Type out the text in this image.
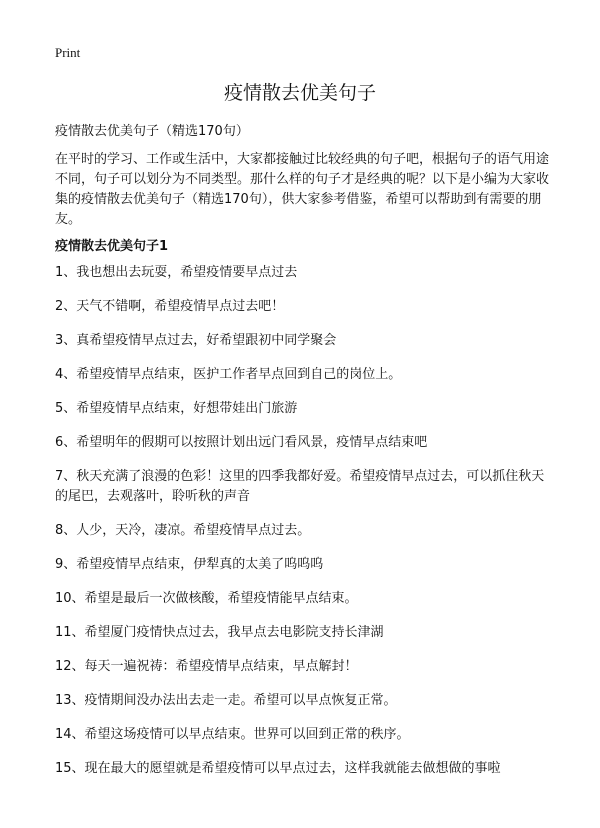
Print
疫情散去优美句子
疫情散去优美句子（精选170句）

在平时的学习、工作或生活中，大家都接触过比较经典的句子吧，根据句子的语气用途不同，句子可以划分为不同类型。那什么样的句子才是经典的呢？以下是小编为大家收集的疫情散去优美句子（精选170句），供大家参考借鉴，希望可以帮助到有需要的朋友。

疫情散去优美句子1
1、我也想出去玩耍，希望疫情要早点过去
2、天气不错啊，希望疫情早点过去吧！
3、真希望疫情早点过去，好希望跟初中同学聚会
4、希望疫情早点结束，医护工作者早点回到自己的岗位上。
5、希望疫情早点结束，好想带娃出门旅游
6、希望明年的假期可以按照计划出远门看风景，疫情早点结束吧
7、秋天充满了浪漫的色彩！这里的四季我都好爱。希望疫情早点过去，可以抓住秋天的尾巴，去观落叶，聆听秋的声音
8、人少，天冷，凄凉。希望疫情早点过去。
9、希望疫情早点结束，伊犁真的太美了呜呜呜
10、希望是最后一次做核酸，希望疫情能早点结束。
11、希望厦门疫情快点过去，我早点去电影院支持长津湖
12、每天一遍祝祷：希望疫情早点结束，早点解封！
13、疫情期间没办法出去走一走。希望可以早点恢复正常。
14、希望这场疫情可以早点结束。世界可以回到正常的秩序。
15、现在最大的愿望就是希望疫情可以早点过去，这样我就能去做想做的事啦
